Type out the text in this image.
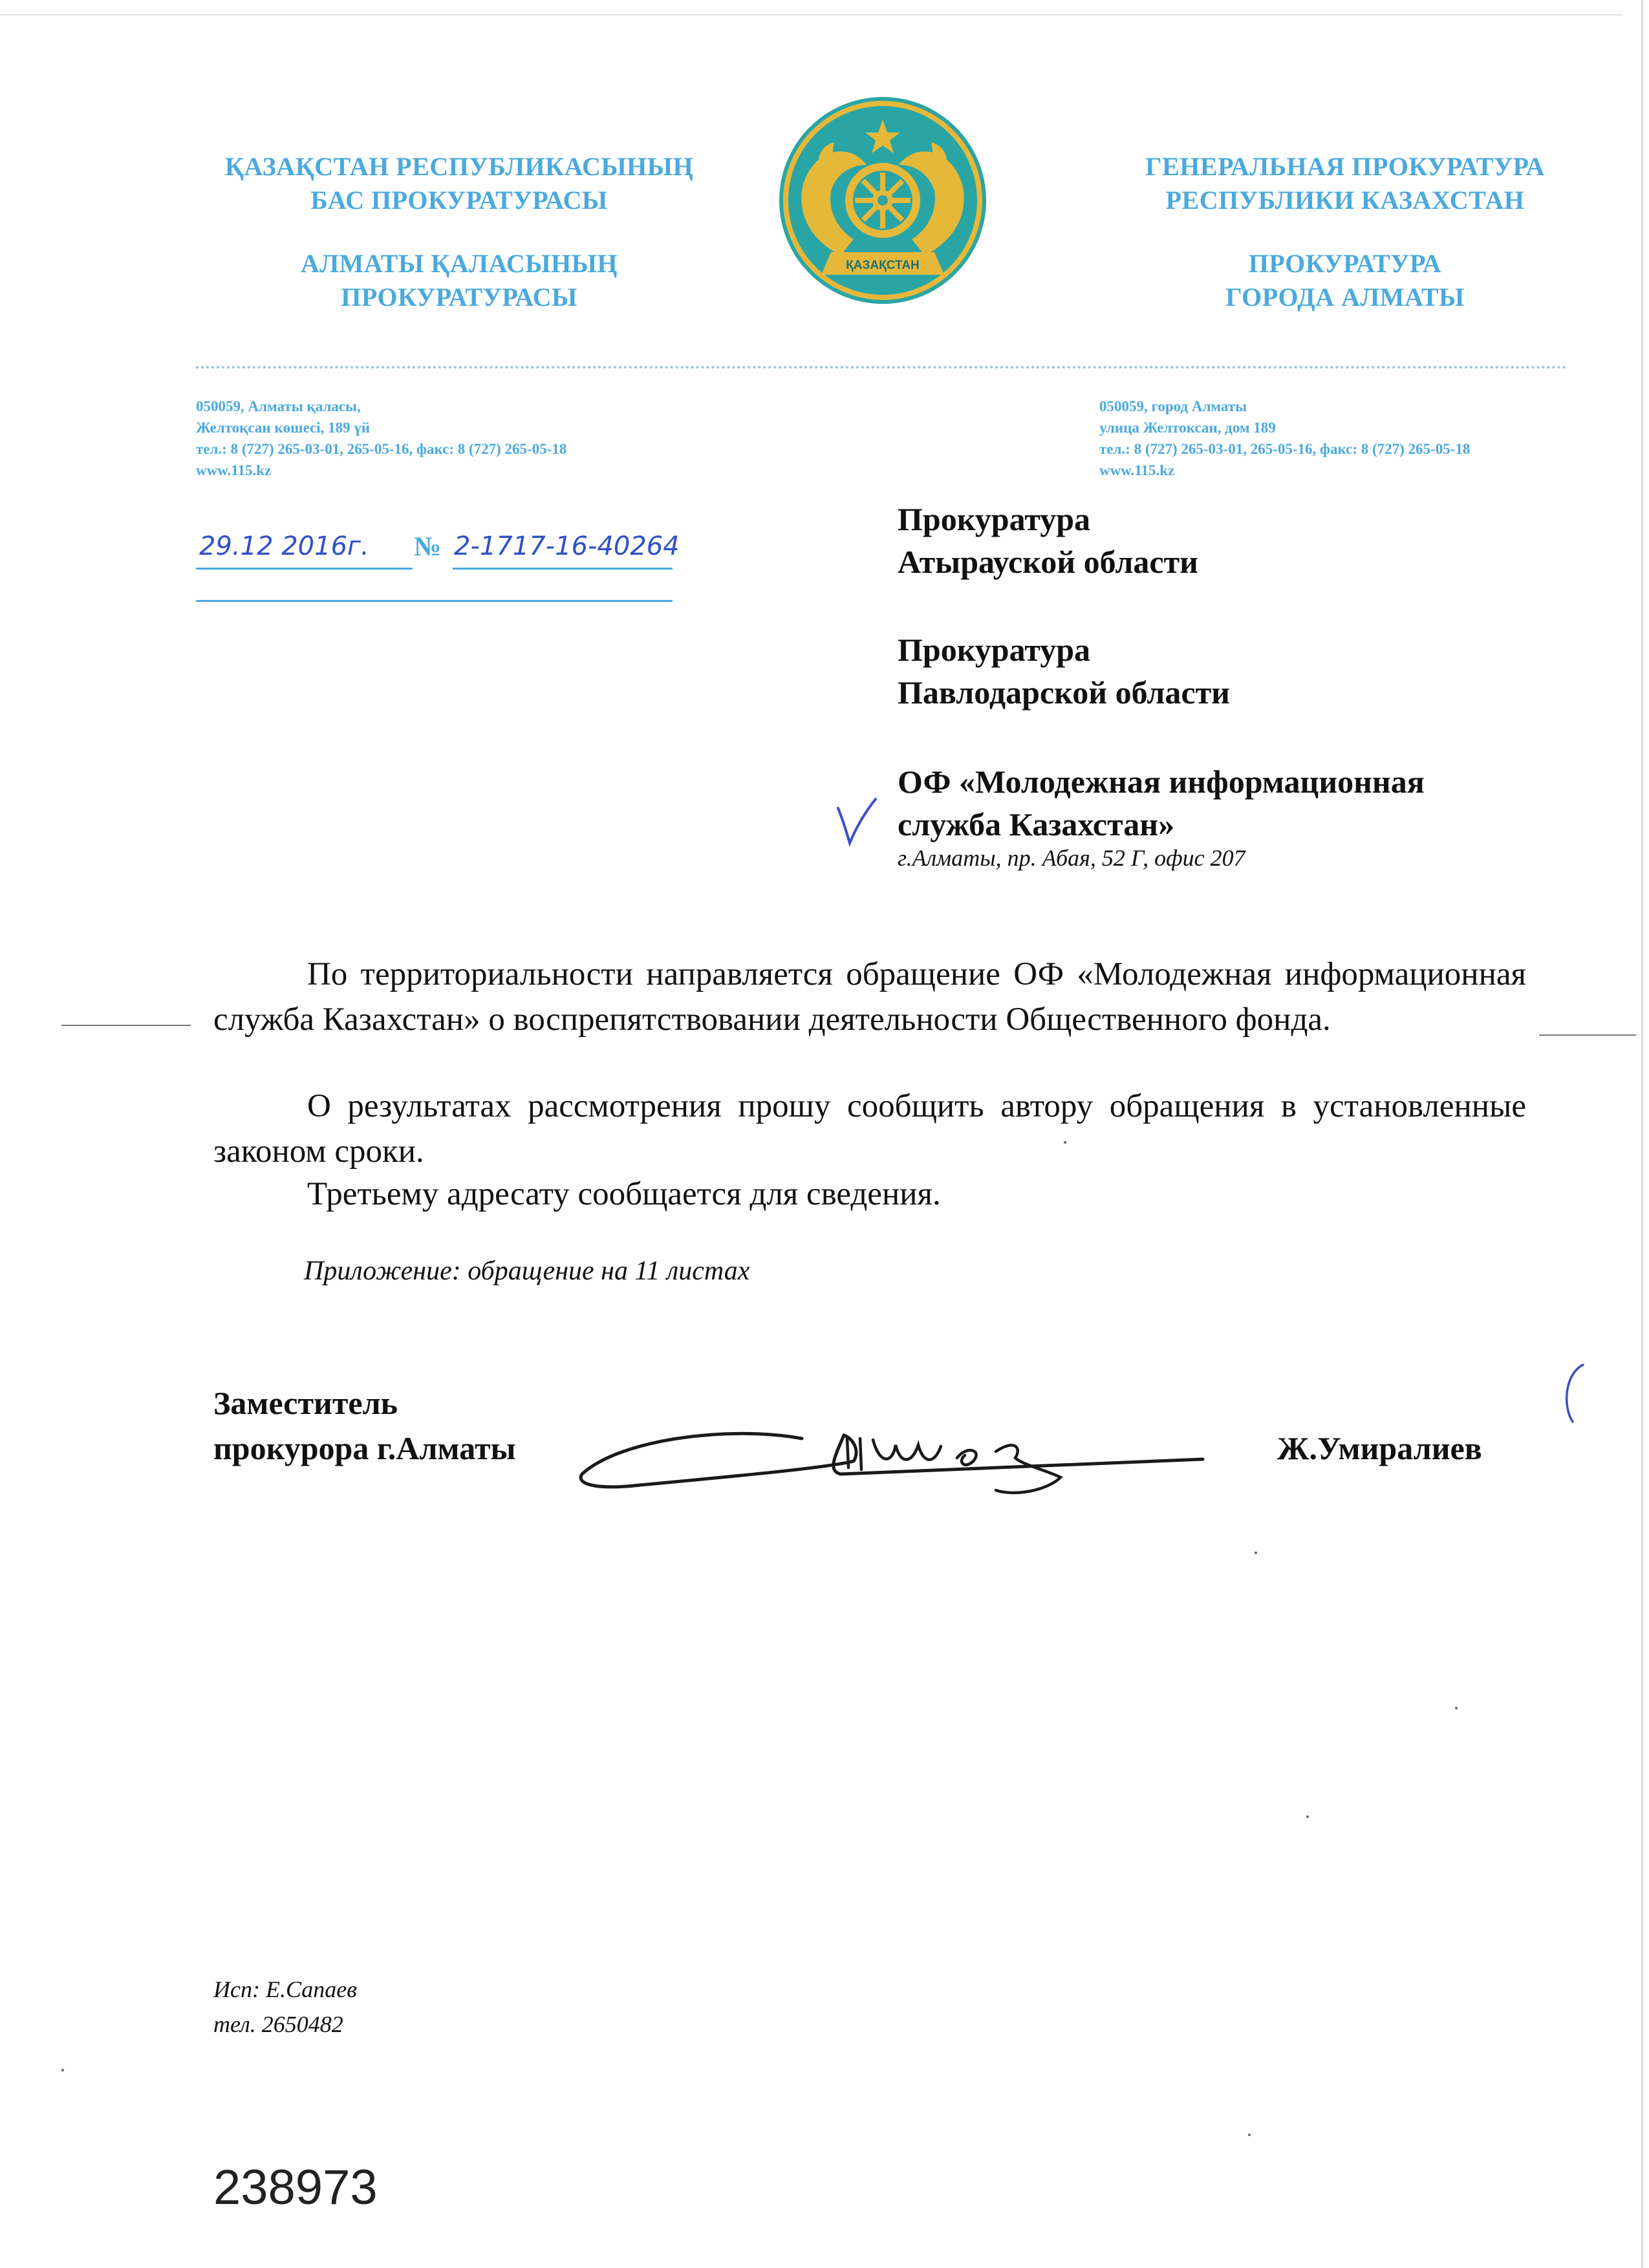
ҚАЗАҚСТАН РЕСПУБЛИКАСЫНЫҢ
БАС ПРОКУРАТУРАСЫ
АЛМАТЫ ҚАЛАСЫНЫҢ
ПРОКУРАТУРАСЫ
ГЕНЕРАЛЬНАЯ ПРОКУРАТУРА
РЕСПУБЛИКИ КАЗАХСТАН
ПРОКУРАТУРА
ГОРОДА АЛМАТЫ
ҚАЗАҚСТАН
050059, Алматы қаласы,
Желтоқсан көшесі, 189 үй
тел.: 8 (727) 265-03-01, 265-05-16, факс: 8 (727) 265-05-18
www.115.kz
050059, город Алматы
улица Желтоксан, дом 189
тел.: 8 (727) 265-03-01, 265-05-16, факс: 8 (727) 265-05-18
www.115.kz
29.12 2016г. № 2-1717-16-40264
Прокуратура
Атырауской области
Прокуратура
Павлодарской области
ОФ «Молодежная информационная
служба Казахстан»
г.Алматы, пр. Абая, 52 Г, офис 207
По территориальности направляется обращение ОФ «Молодежная информационная служба Казахстан» о воспрепятствовании деятельности Общественного фонда.
О результатах рассмотрения прошу сообщить автору обращения в установленные законом сроки.
Третьему адресату сообщается для сведения.
Приложение: обращение на 11 листах
Заместитель
прокурора г.Алматы	Ж.Умиралиев
Исп: Е.Сапаев
тел. 2650482
238973
